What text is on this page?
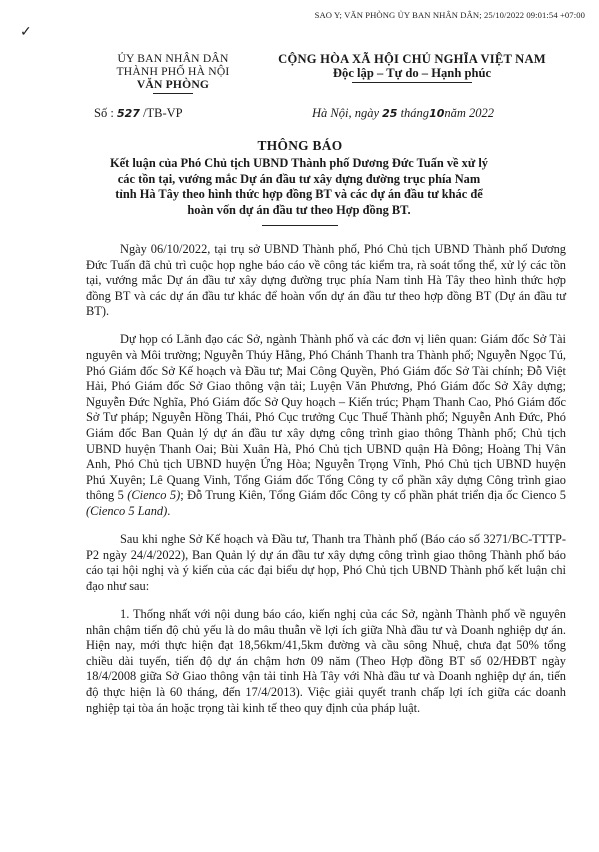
SAO Y; VĂN PHÒNG ỦY BAN NHÂN DÂN; 25/10/2022 09:01:54 +07:00
✓
ỦY BAN NHÂN DÂN
THÀNH PHỐ HÀ NỘI
VĂN PHÒNG
CỘNG HÒA XÃ HỘI CHỦ NGHĨA VIỆT NAM
Độc lập – Tự do – Hạnh phúc
Số : 527 /TB-VP	Hà Nội, ngày 25 tháng10năm 2022
THÔNG BÁO
Kết luận của Phó Chủ tịch UBND Thành phố Dương Đức Tuấn về xử lý
các tồn tại, vướng mắc Dự án đầu tư xây dựng đường trục phía Nam
tỉnh Hà Tây theo hình thức hợp đồng BT và các dự án đầu tư khác để
hoàn vốn dự án đầu tư theo Hợp đồng BT.

Ngày 06/10/2022, tại trụ sở UBND Thành phố, Phó Chủ tịch UBND Thành phố Dương Đức Tuấn đã chủ trì cuộc họp nghe báo cáo về công tác kiểm tra, rà soát tổng thể, xử lý các tồn tại, vướng mắc Dự án đầu tư xây dựng đường trục phía Nam tỉnh Hà Tây theo hình thức hợp đồng BT và các dự án đầu tư khác để hoàn vốn dự án đầu tư theo hợp đồng BT (Dự án đầu tư BT).

Dự họp có Lãnh đạo các Sở, ngành Thành phố và các đơn vị liên quan: Giám đốc Sở Tài nguyên và Môi trường; Nguyễn Thúy Hằng, Phó Chánh Thanh tra Thành phố; Nguyễn Ngọc Tú, Phó Giám đốc Sở Kế hoạch và Đầu tư; Mai Công Quyền, Phó Giám đốc Sở Tài chính; Đỗ Việt Hải, Phó Giám đốc Sở Giao thông vận tải; Luyện Văn Phương, Phó Giám đốc Sở Xây dựng; Nguyễn Đức Nghĩa, Phó Giám đốc Sở Quy hoạch – Kiến trúc; Phạm Thanh Cao, Phó Giám đốc Sở Tư pháp; Nguyễn Hồng Thái, Phó Cục trưởng Cục Thuế Thành phố; Nguyễn Anh Đức, Phó Giám đốc Ban Quản lý dự án đầu tư xây dựng công trình giao thông Thành phố; Chủ tịch UBND huyện Thanh Oai; Bùi Xuân Hà, Phó Chủ tịch UBND quận Hà Đông; Hoàng Thị Vân Anh, Phó Chủ tịch UBND huyện Ứng Hòa; Nguyễn Trọng Vĩnh, Phó Chủ tịch UBND huyện Phú Xuyên; Lê Quang Vinh, Tổng Giám đốc Tổng Công ty cổ phần xây dựng Công trình giao thông 5 (Cienco 5); Đỗ Trung Kiên, Tổng Giám đốc Công ty cổ phần phát triển địa ốc Cienco 5 (Cienco 5 Land).

Sau khi nghe Sở Kế hoạch và Đầu tư, Thanh tra Thành phố (Báo cáo số 3271/BC-TTTP-P2 ngày 24/4/2022), Ban Quản lý dự án đầu tư xây dựng công trình giao thông Thành phố báo cáo tại hội nghị và ý kiến của các đại biểu dự họp, Phó Chủ tịch UBND Thành phố kết luận chỉ đạo như sau:

1. Thống nhất với nội dung báo cáo, kiến nghị của các Sở, ngành Thành phố về nguyên nhân chậm tiến độ chủ yếu là do mâu thuẫn về lợi ích giữa Nhà đầu tư và Doanh nghiệp dự án. Hiện nay, mới thực hiện đạt 18,56km/41,5km đường và cầu sông Nhuệ, chưa đạt 50% tổng chiều dài tuyến, tiến độ dự án chậm hơn 09 năm (Theo Hợp đồng BT số 02/HĐBT ngày 18/4/2008 giữa Sở Giao thông vận tải tỉnh Hà Tây với Nhà đầu tư và Doanh nghiệp dự án, tiến độ thực hiện là 60 tháng, đến 17/4/2013). Việc giải quyết tranh chấp lợi ích giữa các doanh nghiệp tại tòa án hoặc trọng tài kinh tế theo quy định của pháp luật.
